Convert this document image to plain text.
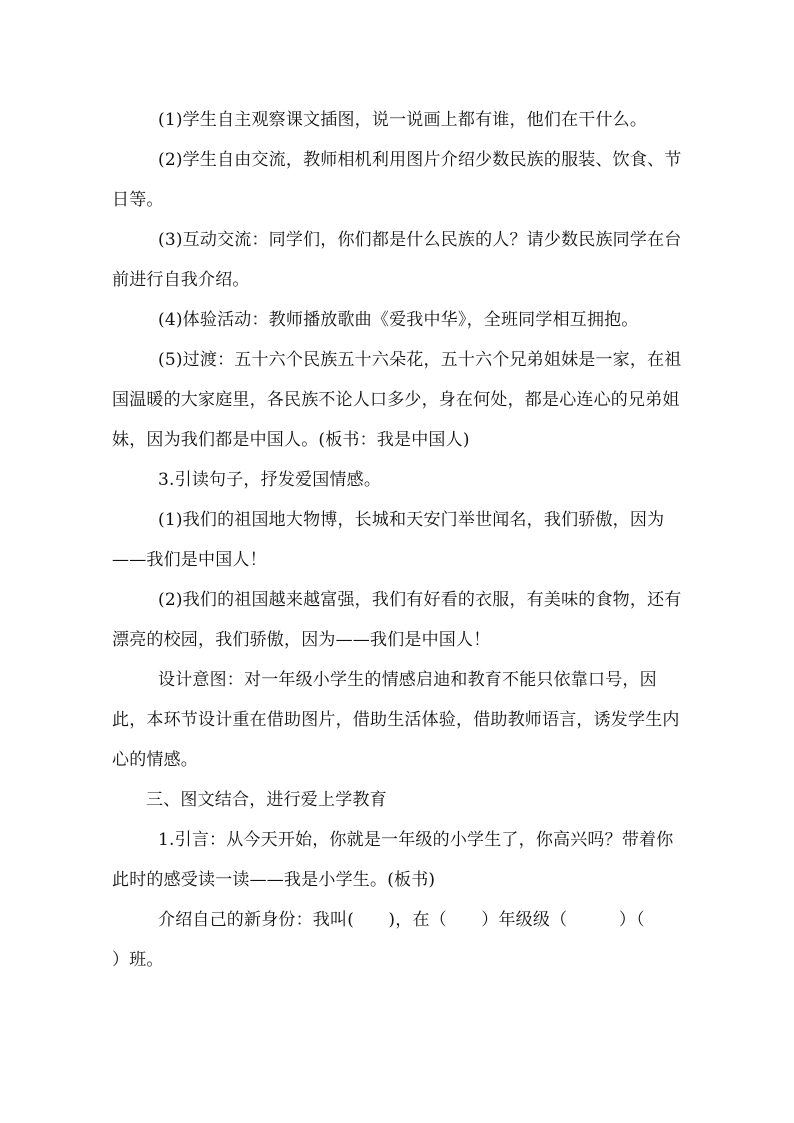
(1)学生自主观察课文插图，说一说画上都有谁，他们在干什么。

(2)学生自由交流，教师相机利用图片介绍少数民族的服装、饮食、节日等。

(3)互动交流：同学们，你们都是什么民族的人？请少数民族同学在台前进行自我介绍。

(4)体验活动：教师播放歌曲《爱我中华》，全班同学相互拥抱。

(5)过渡：五十六个民族五十六朵花，五十六个兄弟姐妹是一家，在祖国温暖的大家庭里，各民族不论人口多少，身在何处，都是心连心的兄弟姐妹，因为我们都是中国人。(板书：我是中国人)

3.引读句子，抒发爱国情感。

(1)我们的祖国地大物博，长城和天安门举世闻名，我们骄傲，因为——我们是中国人！

(2)我们的祖国越来越富强，我们有好看的衣服，有美味的食物，还有漂亮的校园，我们骄傲，因为——我们是中国人！

设计意图：对一年级小学生的情感启迪和教育不能只依靠口号，因此，本环节设计重在借助图片，借助生活体验，借助教师语言，诱发学生内心的情感。

三、图文结合，进行爱上学教育

1.引言：从今天开始，你就是一年级的小学生了，你高兴吗？带着你此时的感受读一读——我是小学生。(板书)

介绍自己的新身份：我叫(　　)，在（　　）年级级（　　　）（　　）班。
